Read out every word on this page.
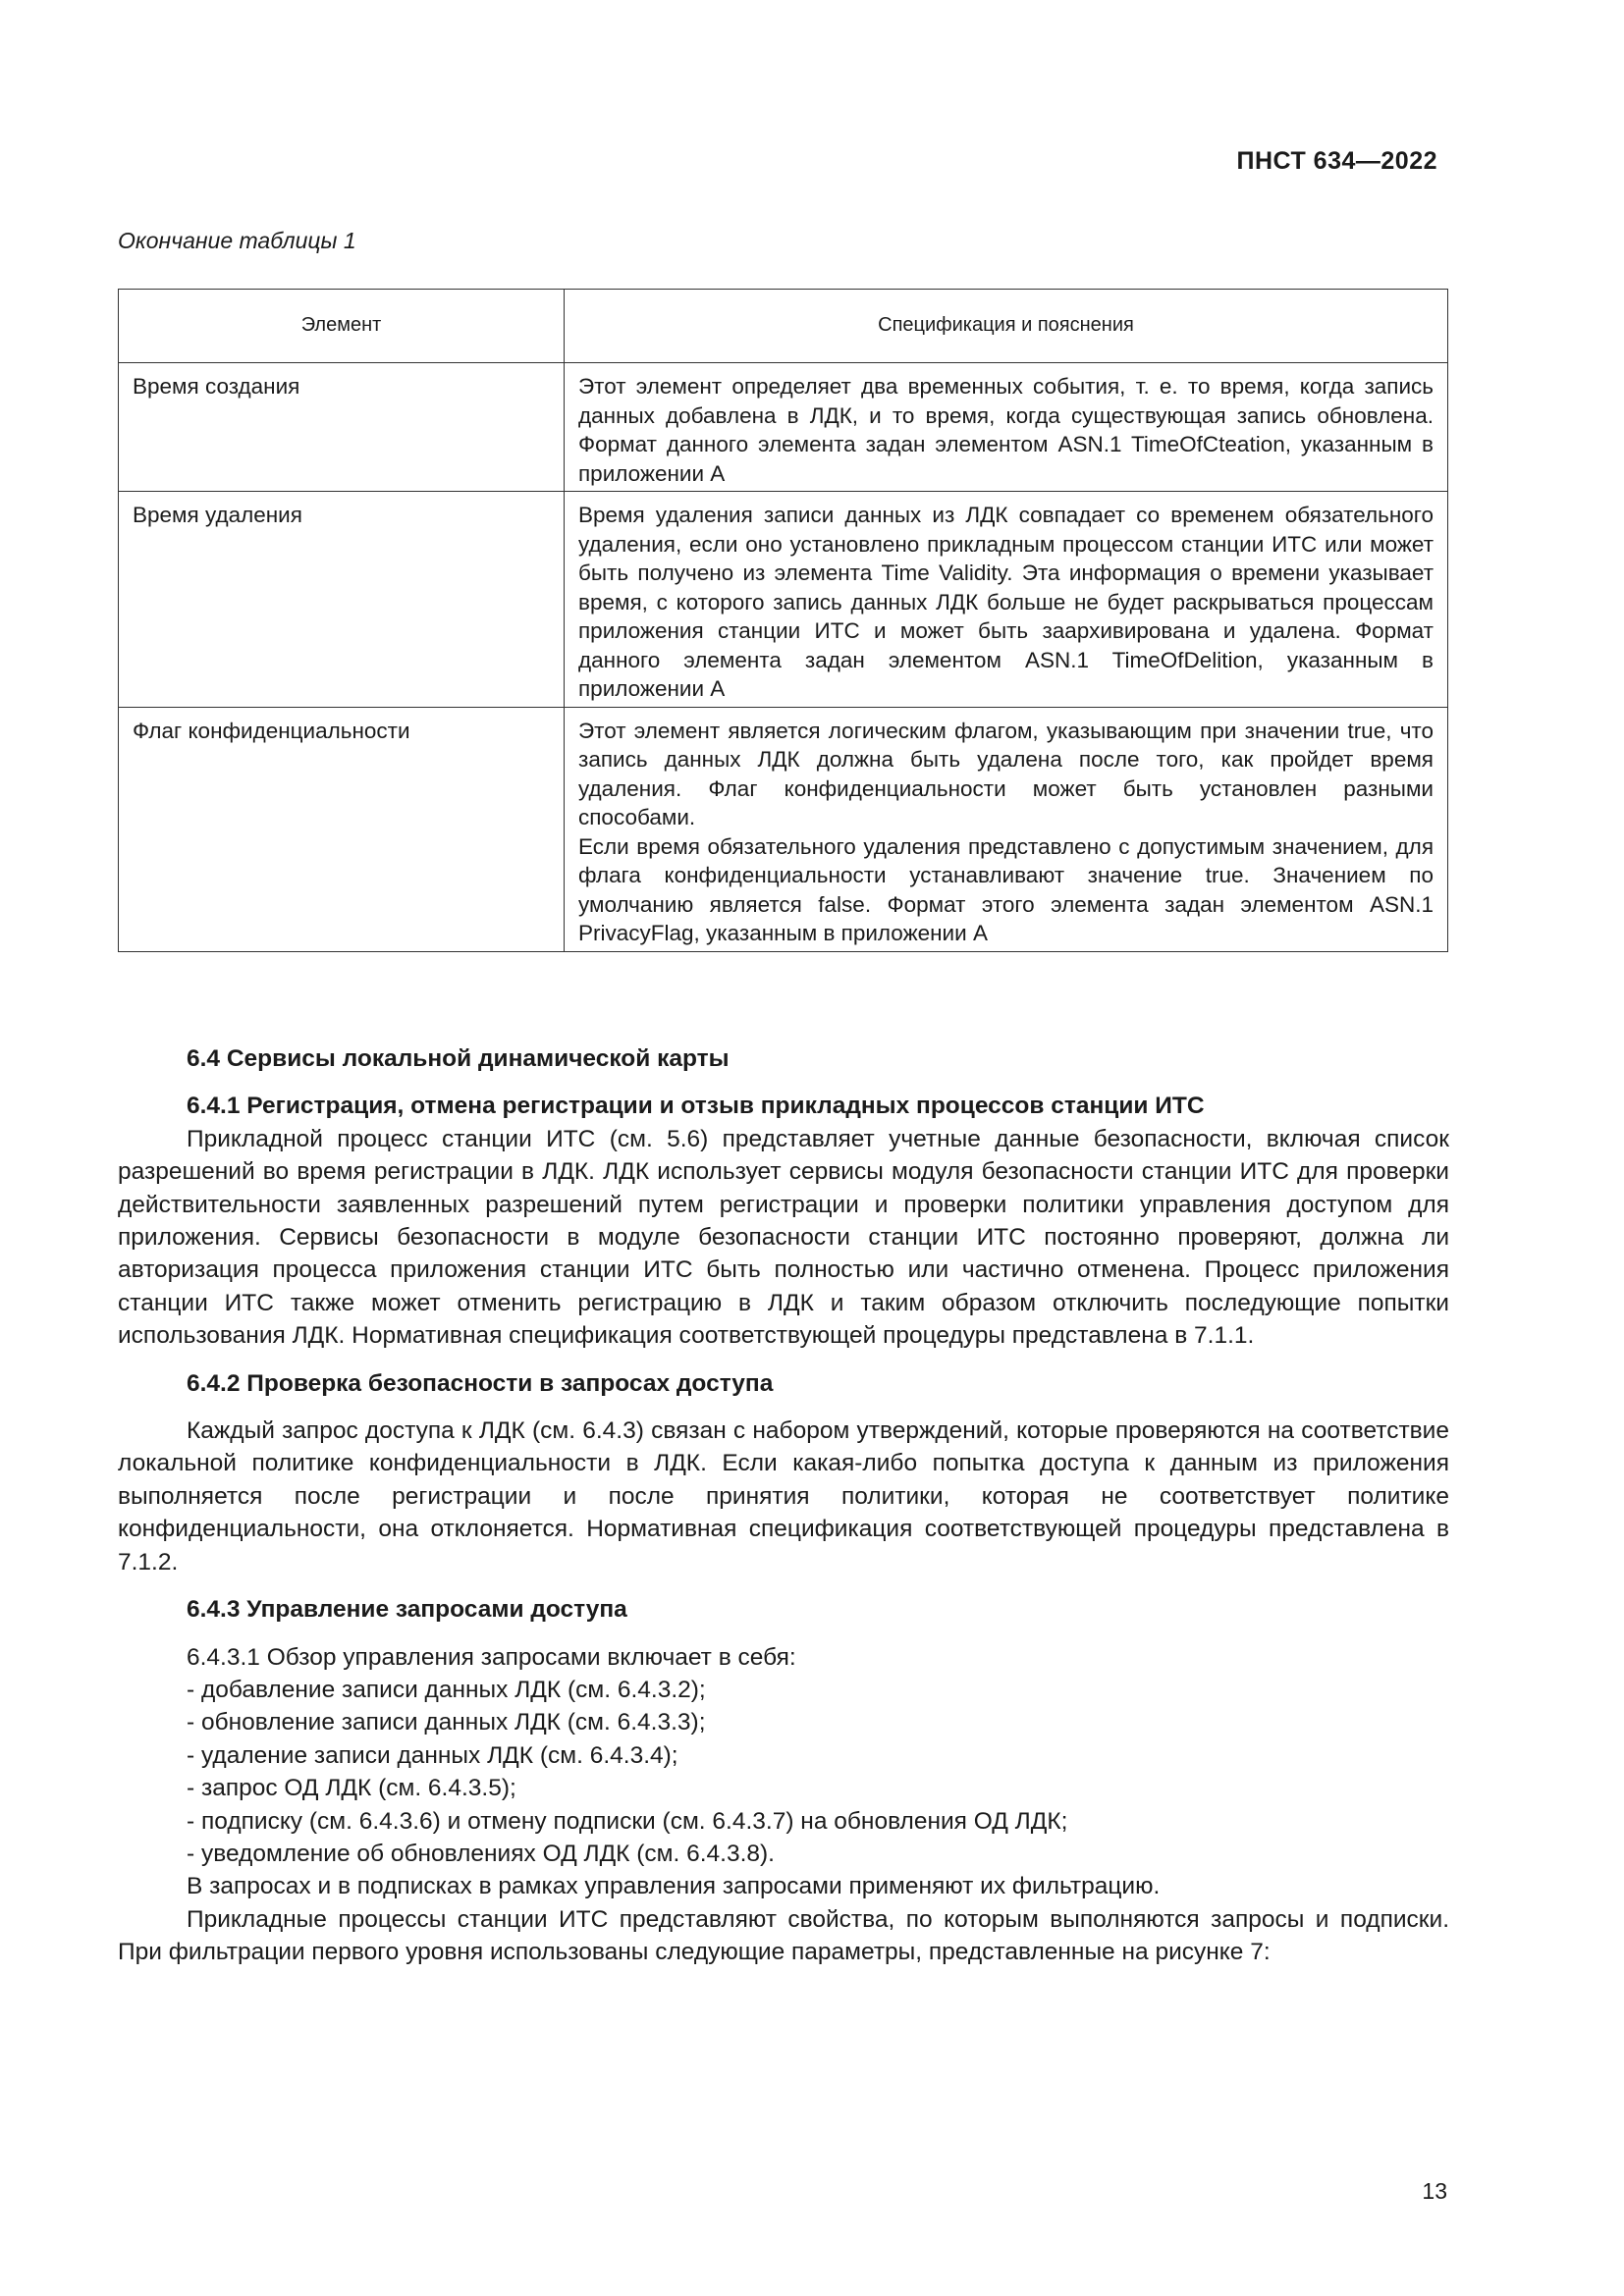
ПНСТ 634—2022
Окончание таблицы 1
Элемент	Спецификация и пояснения
Время создания	Этот элемент определяет два временных события, т. е. то время, когда запись данных добавлена в ЛДК, и то время, когда существующая запись обновлена. Формат данного элемента задан элементом ASN.1 TimeOfCteation, указанным в приложении А
Время удаления	Время удаления записи данных из ЛДК совпадает со временем обязательного удаления, если оно установлено прикладным процессом станции ИТС или может быть получено из элемента Time Validity. Эта информация о времени указывает время, с которого запись данных ЛДК больше не будет раскрываться процессам приложения станции ИТС и может быть заархивирована и удалена. Формат данного элемента задан элементом ASN.1 TimeOfDelition, указанным в приложении А
Флаг конфиденциальности	Этот элемент является логическим флагом, указывающим при значении true, что запись данных ЛДК должна быть удалена после того, как пройдет время удаления. Флаг конфиденциальности может быть установлен разными способами.
Если время обязательного удаления представлено с допустимым значением, для флага конфиденциальности устанавливают значение true. Значением по умолчанию является false. Формат этого элемента задан элементом ASN.1 PrivacyFlag, указанным в приложении А
6.4 Сервисы локальной динамической карты
6.4.1 Регистрация, отмена регистрации и отзыв прикладных процессов станции ИТС

Прикладной процесс станции ИТС (см. 5.6) представляет учетные данные безопасности, включая список разрешений во время регистрации в ЛДК. ЛДК использует сервисы модуля безопасности станции ИТС для проверки действительности заявленных разрешений путем регистрации и проверки политики управления доступом для приложения. Сервисы безопасности в модуле безопасности станции ИТС постоянно проверяют, должна ли авторизация процесса приложения станции ИТС быть полностью или частично отменена. Процесс приложения станции ИТС также может отменить регистрацию в ЛДК и таким образом отключить последующие попытки использования ЛДК. Нормативная спецификация соответствующей процедуры представлена в 7.1.1.

6.4.2 Проверка безопасности в запросах доступа

Каждый запрос доступа к ЛДК (см. 6.4.3) связан с набором утверждений, которые проверяются на соответствие локальной политике конфиденциальности в ЛДК. Если какая-либо попытка доступа к данным из приложения выполняется после регистрации и после принятия политики, которая не соответствует политике конфиденциальности, она отклоняется. Нормативная спецификация соответствующей процедуры представлена в 7.1.2.

6.4.3 Управление запросами доступа
6.4.3.1 Обзор управления запросами включает в себя:
- добавление записи данных ЛДК (см. 6.4.3.2);
- обновление записи данных ЛДК (см. 6.4.3.3);
- удаление записи данных ЛДК (см. 6.4.3.4);
- запрос ОД ЛДК (см. 6.4.3.5);
- подписку (см. 6.4.3.6) и отмену подписки (см. 6.4.3.7) на обновления ОД ЛДК;
- уведомление об обновлениях ОД ЛДК (см. 6.4.3.8).
В запросах и в подписках в рамках управления запросами применяют их фильтрацию.

Прикладные процессы станции ИТС представляют свойства, по которым выполняются запросы и подписки. При фильтрации первого уровня использованы следующие параметры, представленные на рисунке 7:

13
